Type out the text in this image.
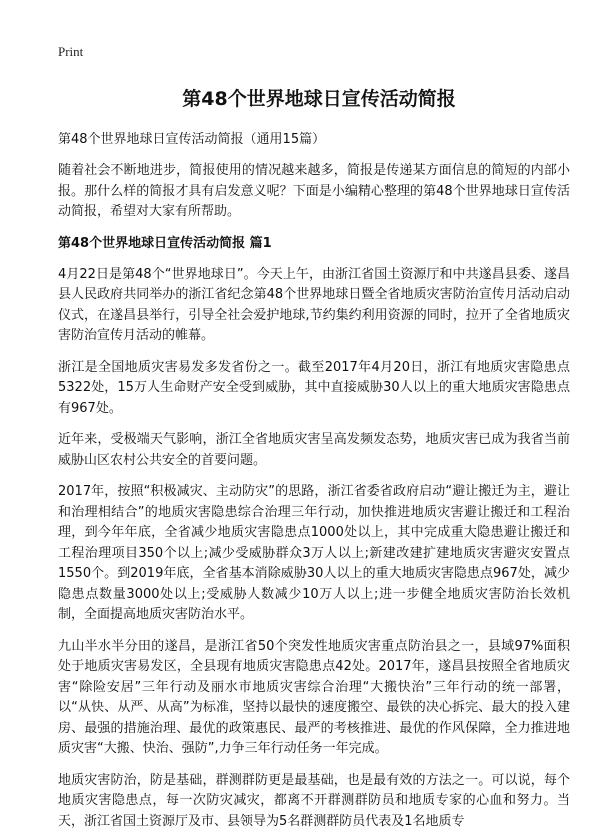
Print
第48个世界地球日宣传活动简报
第48个世界地球日宣传活动简报（通用15篇）

随着社会不断地进步，简报使用的情况越来越多，简报是传递某方面信息的简短的内部小报。那什么样的简报才具有启发意义呢？下面是小编精心整理的第48个世界地球日宣传活动简报，希望对大家有所帮助。

第48个世界地球日宣传活动简报 篇1

4月22日是第48个“世界地球日”。今天上午，由浙江省国土资源厅和中共遂昌县委、遂昌县人民政府共同举办的浙江省纪念第48个世界地球日暨全省地质灾害防治宣传月活动启动仪式，在遂昌县举行，引导全社会爱护地球,节约集约利用资源的同时，拉开了全省地质灾害防治宣传月活动的帷幕。

浙江是全国地质灾害易发多发省份之一。截至2017年4月20日，浙江有地质灾害隐患点5322处，15万人生命财产安全受到威胁，其中直接威胁30人以上的重大地质灾害隐患点有967处。

近年来，受极端天气影响，浙江全省地质灾害呈高发频发态势，地质灾害已成为我省当前威胁山区农村公共安全的首要问题。

2017年，按照“积极减灾、主动防灾”的思路，浙江省委省政府启动“避让搬迁为主，避让和治理相结合”的地质灾害隐患综合治理三年行动，加快推进地质灾害避让搬迁和工程治理，到今年年底，全省减少地质灾害隐患点1000处以上，其中完成重大隐患避让搬迁和工程治理项目350个以上;减少受威胁群众3万人以上;新建改建扩建地质灾害避灾安置点1550个。到2019年底，全省基本消除威胁30人以上的重大地质灾害隐患点967处，减少隐患点数量3000处以上;受威胁人数减少10万人以上;进一步健全地质灾害防治长效机制，全面提高地质灾害防治水平。

九山半水半分田的遂昌，是浙江省50个突发性地质灾害重点防治县之一，县域97%面积处于地质灾害易发区，全县现有地质灾害隐患点42处。2017年，遂昌县按照全省地质灾害“除险安居”三年行动及丽水市地质灾害综合治理“大搬快治”三年行动的统一部署，以“从快、从严、从高”为标准，坚持以最快的速度搬空、最铁的决心拆完、最大的投入建房、最强的措施治理、最优的政策惠民、最严的考核推进、最优的作风保障，全力推进地质灾害“大搬、快治、强防”,力争三年行动任务一年完成。

地质灾害防治，防是基础，群测群防更是最基础，也是最有效的方法之一。可以说，每个地质灾害隐患点，每一次防灾减灾，都离不开群测群防员和地质专家的心血和努力。当天，浙江省国土资源厅及市、县领导为5名群测群防员代表及1名地质专
